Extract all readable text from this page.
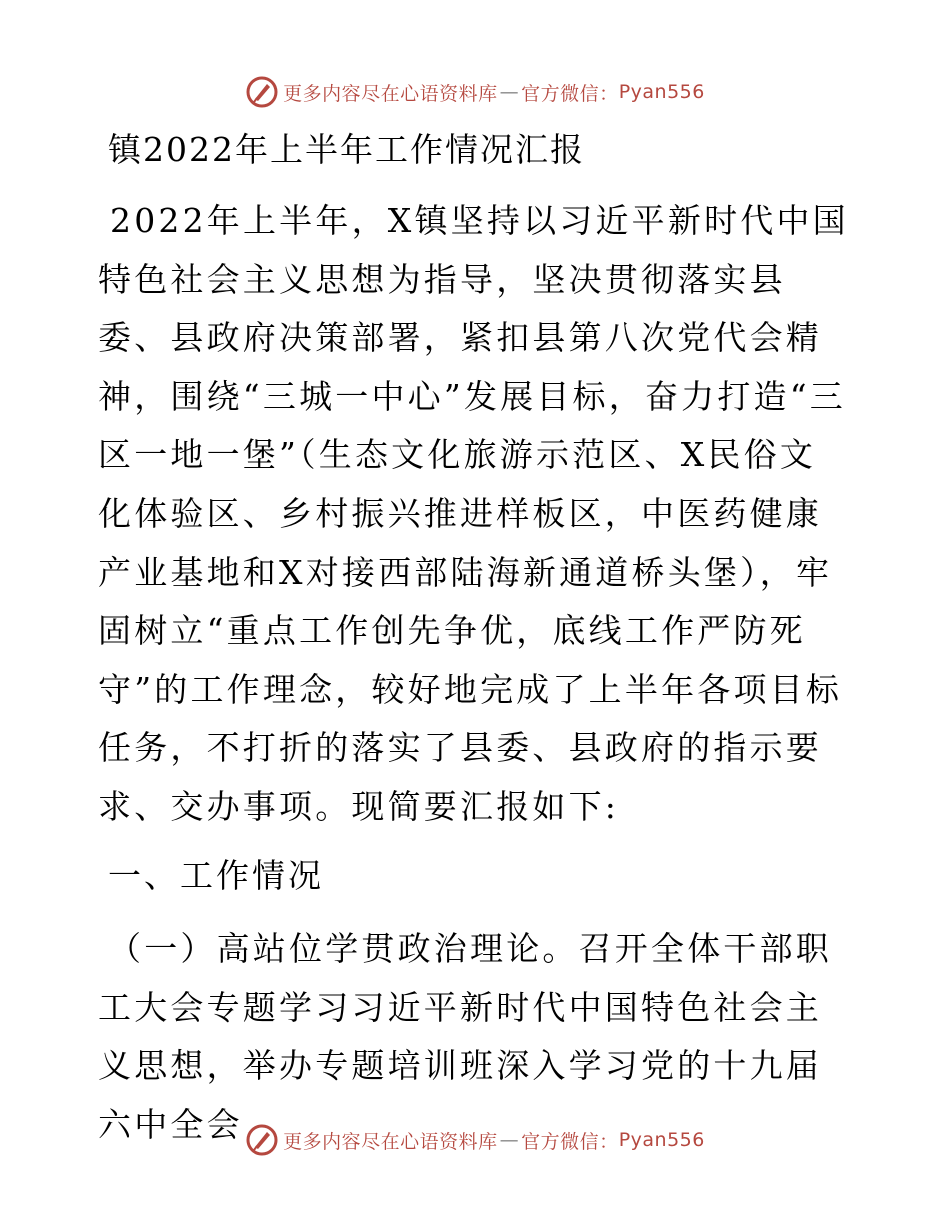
更多内容尽在心语资料库 — 官方微信： Pyan556
镇2022年上半年工作情况汇报

2022年上半年，X镇坚持以习近平新时代中国特色社会主义思想为指导，坚决贯彻落实县委、县政府决策部署，紧扣县第八次党代会精神，围绕“三城一中心”发展目标，奋力打造“三区一地一堡”（生态文化旅游示范区、X民俗文化体验区、乡村振兴推进样板区，中医药健康产业基地和X对接西部陆海新通道桥头堡），牢固树立“重点工作创先争优，底线工作严防死守”的工作理念，较好地完成了上半年各项目标任务，不打折的落实了县委、县政府的指示要求、交办事项。现简要汇报如下:

一、工作情况

（一）高站位学贯政治理论。召开全体干部职工大会专题学习习近平新时代中国特色社会主义思想，举办专题培训班深入学习党的十九届六中全会	更多内容尽在心语资料库 — 官方微信： Pyan556
